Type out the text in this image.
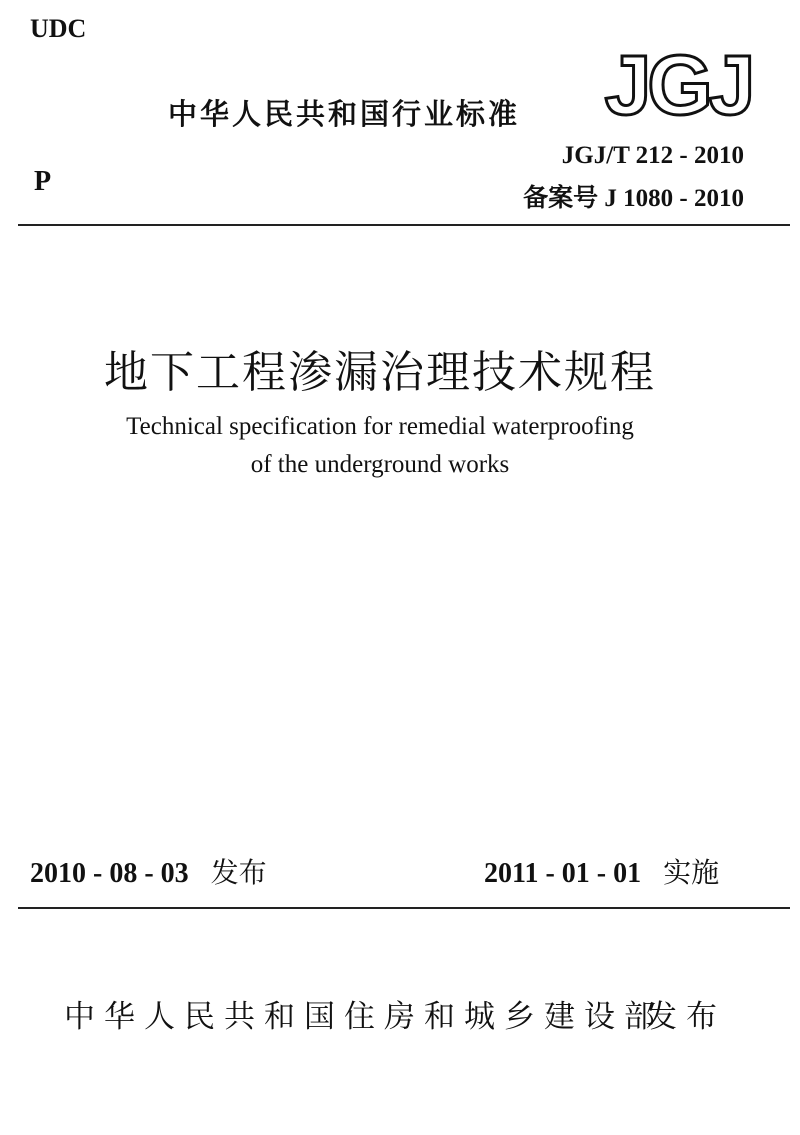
UDC
中华人民共和国行业标准 JGJ
P
JGJ/T 212 - 2010
备案号 J 1080 - 2010
地下工程渗漏治理技术规程
Technical specification for remedial waterproofing
of the underground works
2010 - 08 - 03 发布	2011 - 01 - 01 实施
中华人民共和国住房和城乡建设部
发布
